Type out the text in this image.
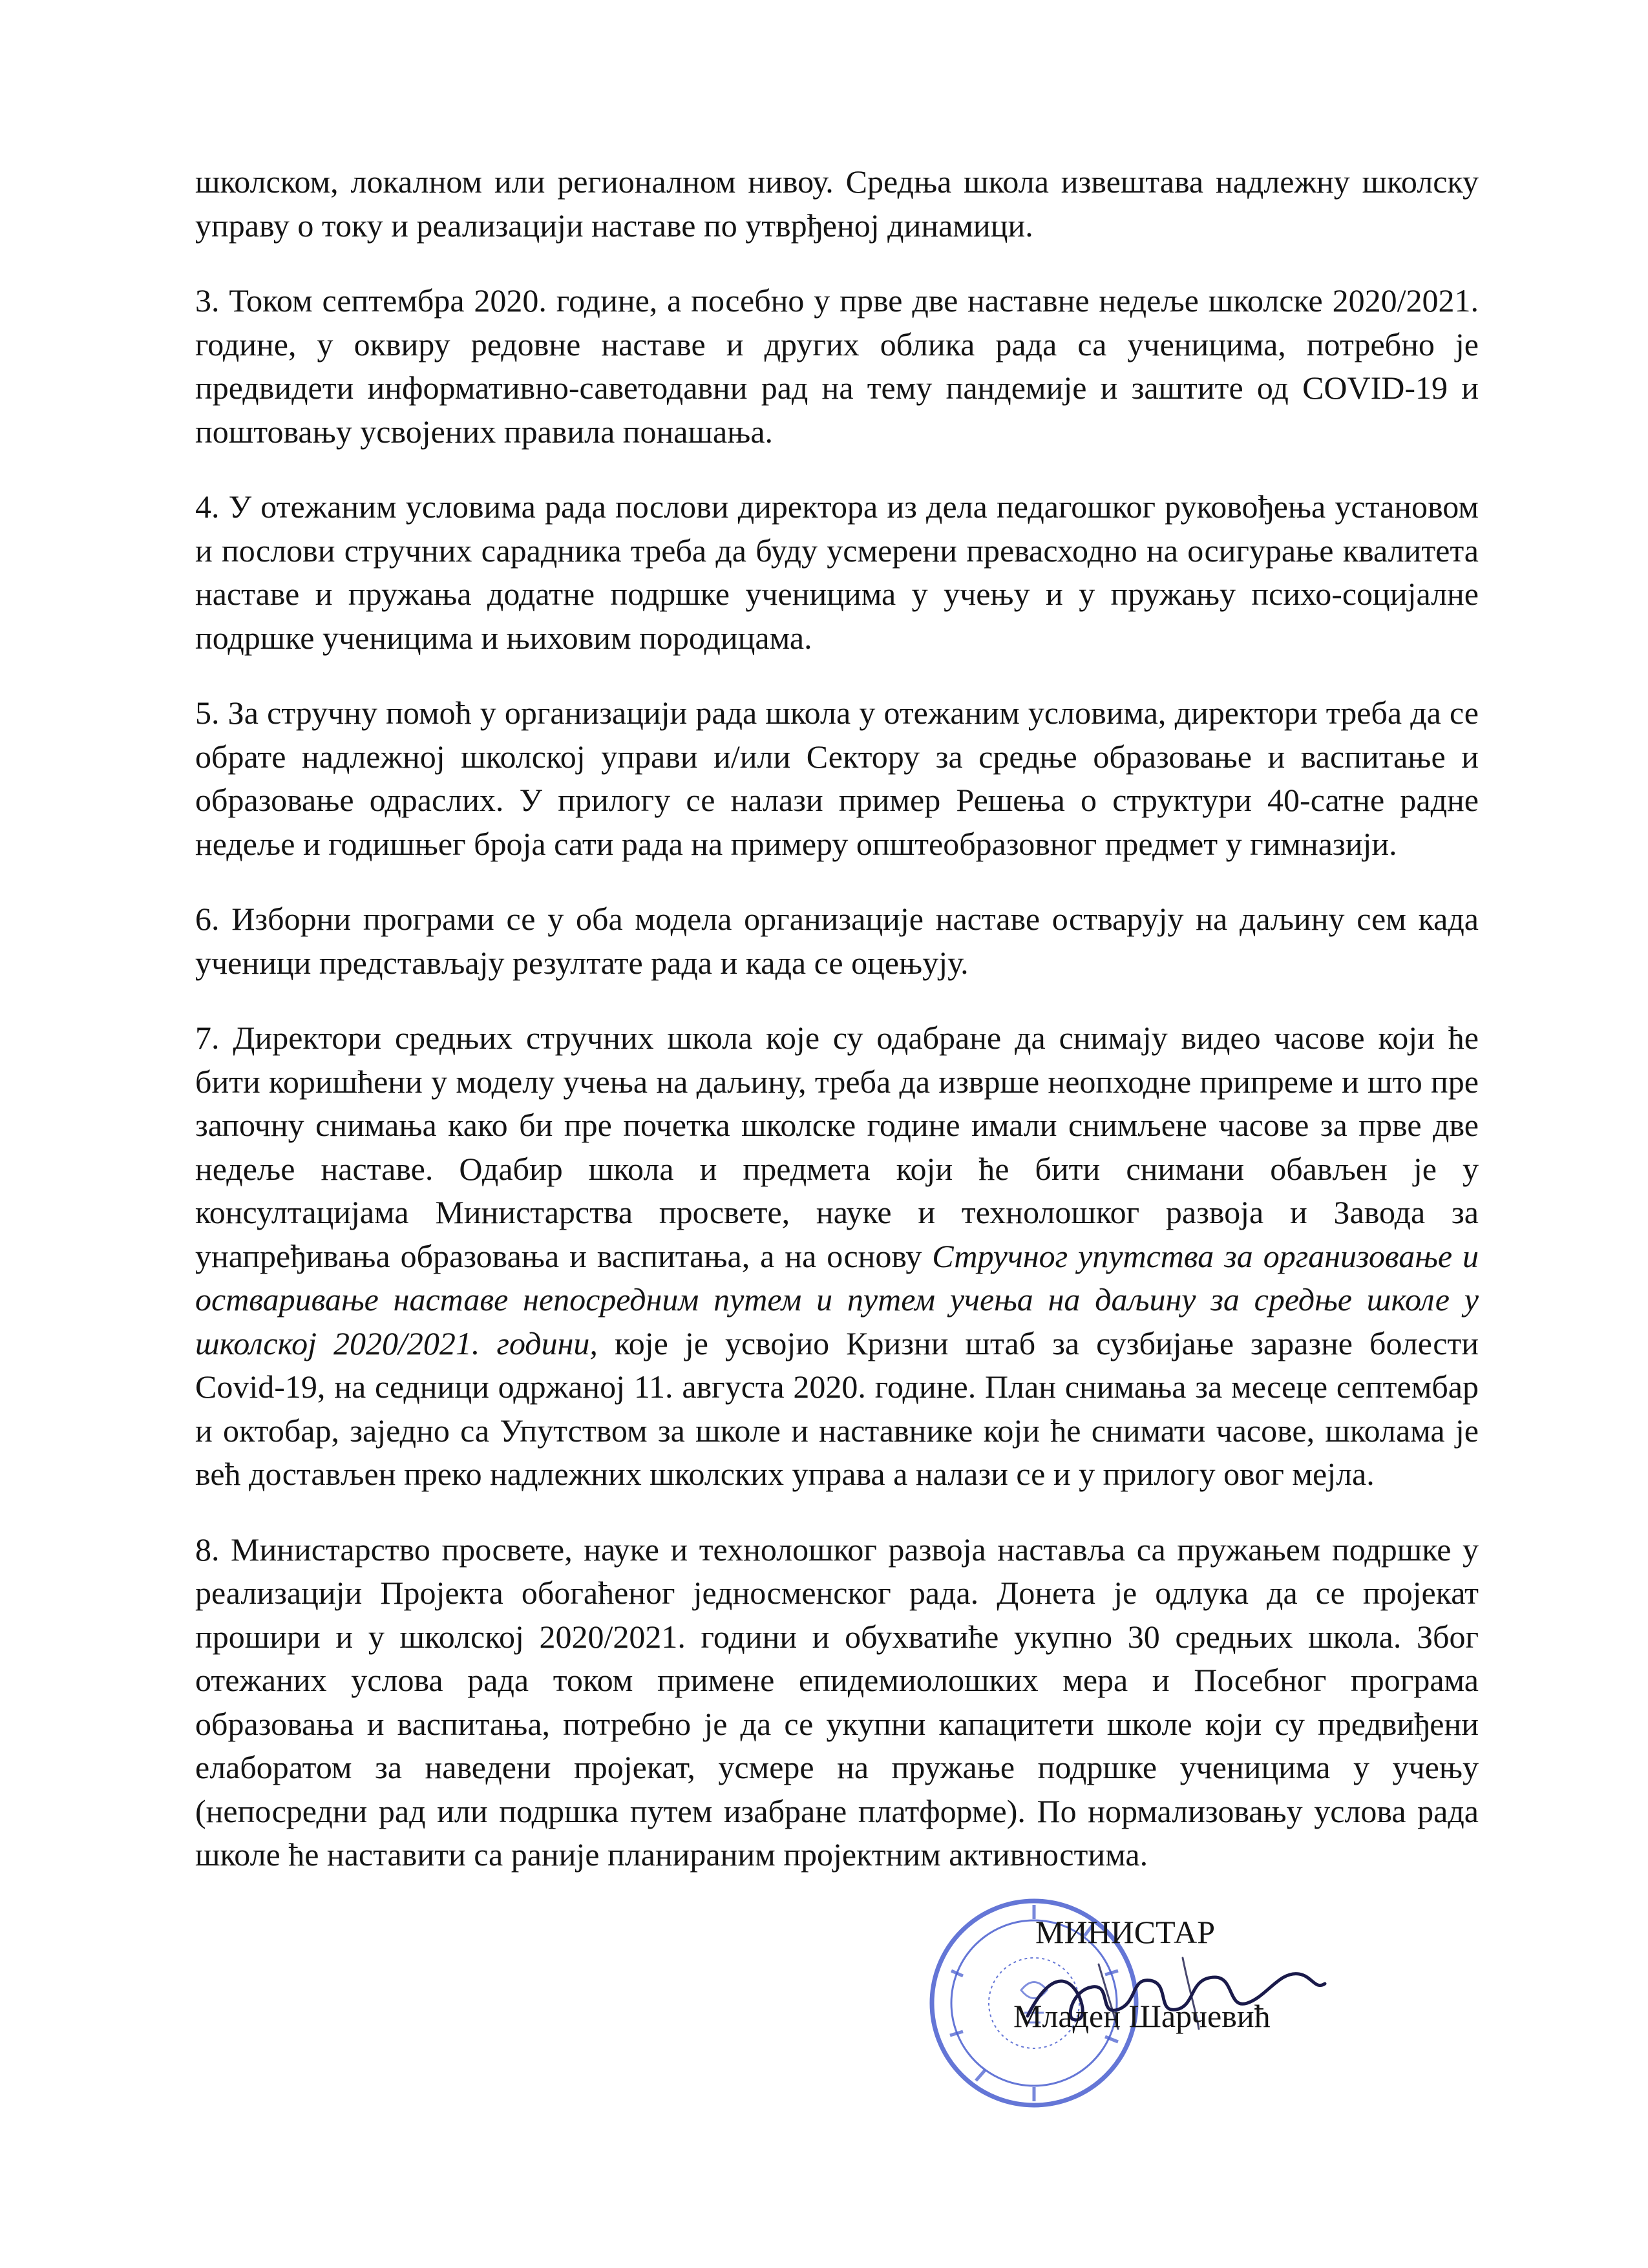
школском, локалном или регионалном нивоу. Средња школа извештава надлежну школску управу о току и реализацији наставе по утврђеној динамици.

3. Током септембра 2020. године, а посебно у прве две наставне недеље школске 2020/2021. године, у оквиру редовне наставе и других облика рада са ученицима, потребно је предвидети информативно-саветодавни рад на тему пандемије и заштите од COVID-19 и поштовању усвојених правила понашања.

4. У отежаним условима рада послови директора из дела педагошког руковођења установом и послови стручних сарадника треба да буду усмерени превасходно на осигурање квалитета наставе и пружања додатне подршке ученицима у учењу и у пружању психо-социјалне подршке ученицима и њиховим породицама.

5. За стручну помоћ у организацији рада школа у отежаним условима, директори треба да се обрате надлежној школској управи и/или Сектору за средње образовање и васпитање и образовање одраслих. У прилогу се налази пример Решења о структури 40-сатне радне недеље и годишњег броја сати рада на примеру општеобразовног предмет у гимназији.

6. Изборни програми се у оба модела организације наставе остварују на даљину сем када ученици представљају резултате рада и када се оцењују.

7. Директори средњих стручних школа које су одабране да снимају видео часове који ће бити коришћени у моделу учења на даљину, треба да изврше неопходне припреме и што пре започну снимања како би пре почетка школске године имали снимљене часове за прве две недеље наставе. Одабир школа и предмета који ће бити снимани обављен је у консултацијама Министарства просвете, науке и технолошког развоја и Завода за унапређивања образовања и васпитања, а на основу Стручног упутства за организовање и остваривање наставе непосредним путем и путем учења на даљину за средње школе у школској 2020/2021. години, које је усвојио Кризни штаб за сузбијање заразне болести Covid-19, на седници одржаној 11. августа 2020. године. План снимања за месеце септембар и октобар, заједно са Упутством за школе и наставнике који ће снимати часове, школама је већ достављен преко надлежних школских управа а налази се и у прилогу овог мејла.

8. Министарство просвете, науке и технолошког развоја наставља са пружањем подршке у реализацији Пројекта обогаћеног једносменског рада. Донета је одлука да се пројекат прошири и у школској 2020/2021. години и обухватиће укупно 30 средњих школа. Због отежаних услова рада током примене епидемиолошких мера и Посебног програма образовања и васпитања, потребно је да се укупни капацитети школе који су предвиђени елаборатом за наведени пројекат, усмере на пружање подршке ученицима у учењу (непосредни рад или подршка путем изабране платформе). По нормализовању услова рада школе ће наставити са раније планираним пројектним активностима.

МИНИСТАР
Младен Шарчевић
